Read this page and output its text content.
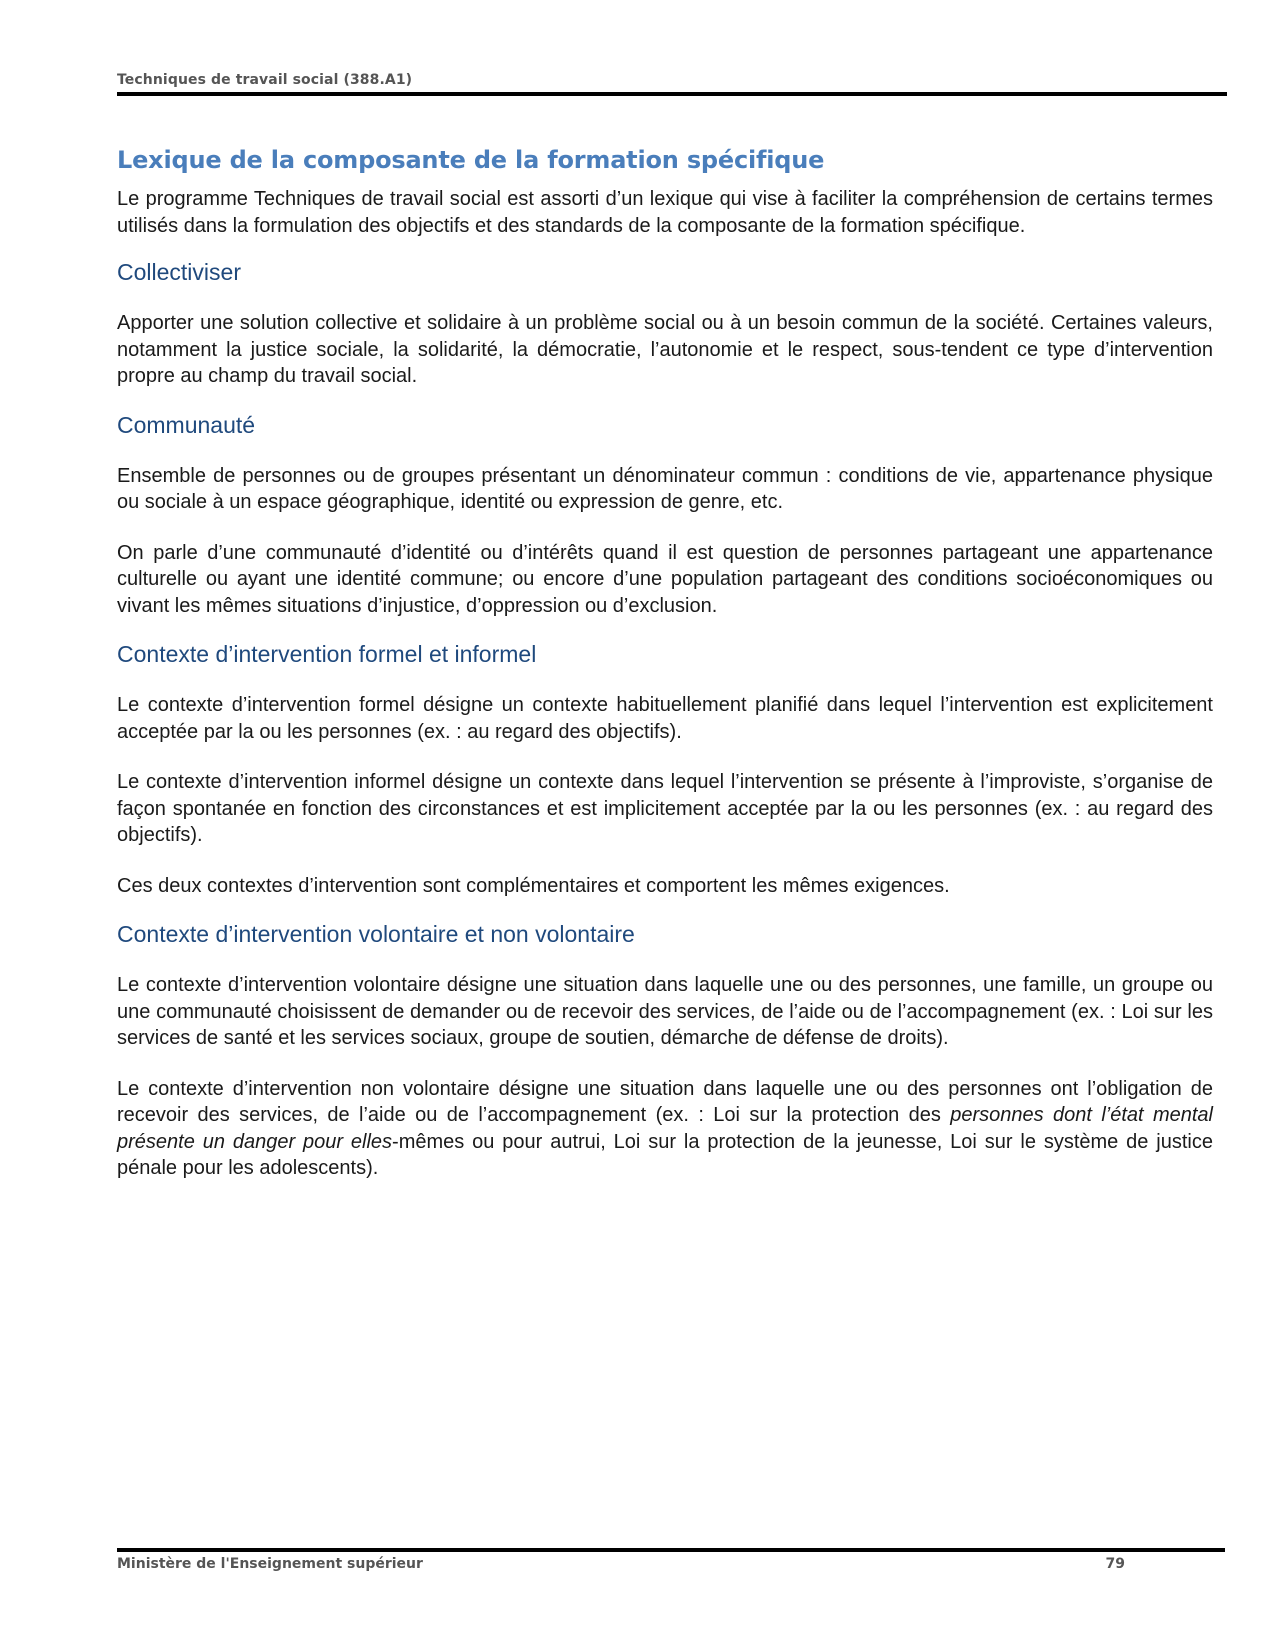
Techniques de travail social (388.A1)
Lexique de la composante de la formation spécifique

Le programme Techniques de travail social est assorti d’un lexique qui vise à faciliter la compréhension de certains termes utilisés dans la formulation des objectifs et des standards de la composante de la formation spécifique.

Collectiviser

Apporter une solution collective et solidaire à un problème social ou à un besoin commun de la société. Certaines valeurs, notamment la justice sociale, la solidarité, la démocratie, l’autonomie et le respect, sous-tendent ce type d’intervention propre au champ du travail social.

Communauté

Ensemble de personnes ou de groupes présentant un dénominateur commun : conditions de vie, appartenance physique ou sociale à un espace géographique, identité ou expression de genre, etc.

On parle d’une communauté d’identité ou d’intérêts quand il est question de personnes partageant une appartenance culturelle ou ayant une identité commune; ou encore d’une population partageant des conditions socioéconomiques ou vivant les mêmes situations d’injustice, d’oppression ou d’exclusion.

Contexte d’intervention formel et informel

Le contexte d’intervention formel désigne un contexte habituellement planifié dans lequel l’intervention est explicitement acceptée par la ou les personnes (ex. : au regard des objectifs).

Le contexte d’intervention informel désigne un contexte dans lequel l’intervention se présente à l’improviste, s’organise de façon spontanée en fonction des circonstances et est implicitement acceptée par la ou les personnes (ex. : au regard des objectifs).

Ces deux contextes d’intervention sont complémentaires et comportent les mêmes exigences.

Contexte d’intervention volontaire et non volontaire

Le contexte d’intervention volontaire désigne une situation dans laquelle une ou des personnes, une famille, un groupe ou une communauté choisissent de demander ou de recevoir des services, de l’aide ou de l’accompagnement (ex. : Loi sur les services de santé et les services sociaux, groupe de soutien, démarche de défense de droits).

Le contexte d’intervention non volontaire désigne une situation dans laquelle une ou des personnes ont l’obligation de recevoir des services, de l’aide ou de l’accompagnement (ex. : Loi sur la protection des personnes dont l’état mental présente un danger pour elles-mêmes ou pour autrui, Loi sur la protection de la jeunesse, Loi sur le système de justice pénale pour les adolescents).

Ministère de l'Enseignement supérieur	79
